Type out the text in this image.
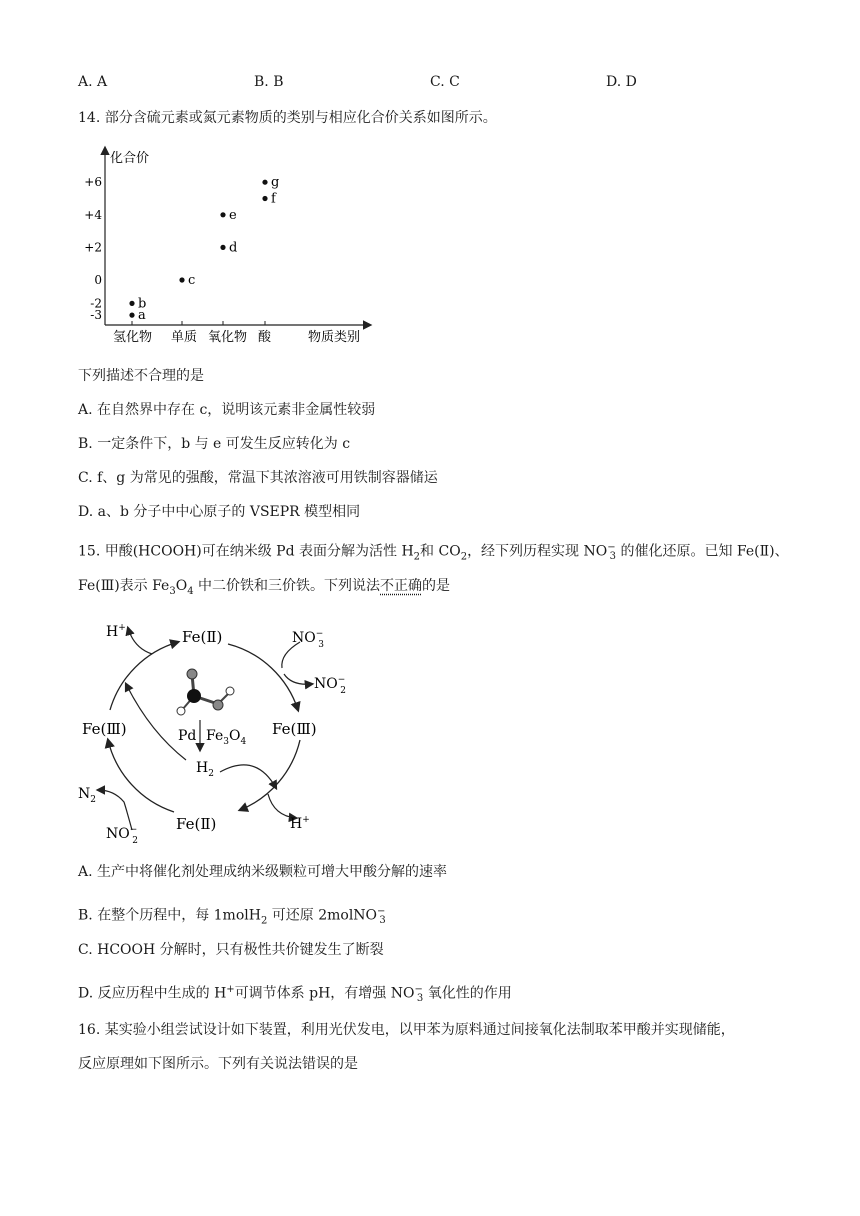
A. A	B. B	C. C	D. D
14. 部分含硫元素或氮元素物质的类别与相应化合价关系如图所示。
化合价
物质类别
+6
+4
+2
0
-2
-3
氢化物 单质 氧化物 酸
a
b
c
d
e
f
g
下列描述不合理的是
A. 在自然界中存在 c，说明该元素非金属性较弱
B. 一定条件下，b 与 e 可发生反应转化为 c
C. f、g 为常见的强酸，常温下其浓溶液可用铁制容器储运
D. a、b 分子中中心原子的 VSEPR 模型相同
15. 甲酸(HCOOH)可在纳米级 Pd 表面分解为活性 $H_2$和 $CO_2$，经下列历程实现 $NO^-_3$ 的催化还原。已知 Fe(Ⅱ)、
Fe(Ⅲ)表示 $Fe_3O_4$ 中二价铁和三价铁。下列说法不正确的是
Fe(Ⅱ)
Fe(Ⅲ)
Fe(Ⅱ)
Fe(Ⅲ)
H+
H+
NO− 3
NO− 2
NO− 2
$N_2$
Pd $Fe_3O_4$
$H_2$
A. 生产中将催化剂处理成纳米级颗粒可增大甲酸分解的速率
B. 在整个历程中，每 1molH$_2$ 可还原 2molNO−$_3$
C. HCOOH 分解时，只有极性共价键发生了断裂
D. 反应历程中生成的 H+可调节体系 pH，有增强 $NO^-_3$ 氧化性的作用
16. 某实验小组尝试设计如下装置，利用光伏发电，以甲苯为原料通过间接氧化法制取苯甲酸并实现储能，
反应原理如下图所示。下列有关说法错误的是
